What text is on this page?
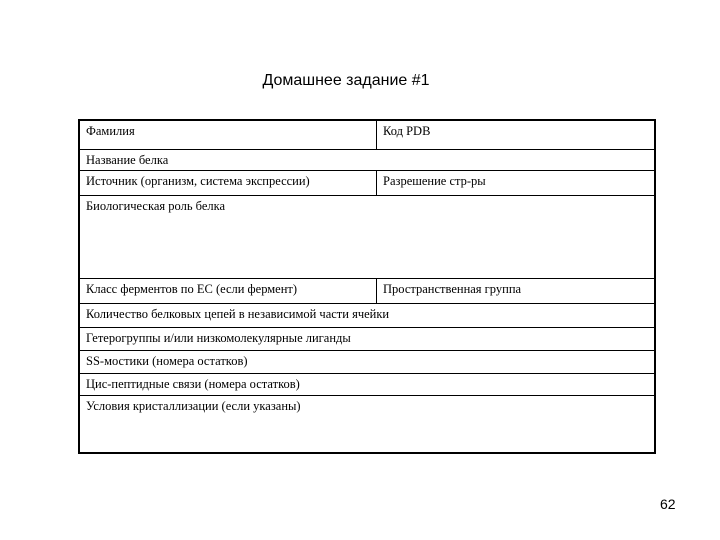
Домашнее задание #1
Фамилия	Код PDB
Название белка
Источник (организм, система экспрессии)	Разрешение стр-ры
Биологическая роль белка
Класс ферментов по ЕС (если фермент)	Пространственная группа
Количество белковых цепей в независимой части ячейки
Гетерогруппы и/или низкомолекулярные лиганды
SS-мостики (номера остатков)
Цис-пептидные связи (номера остатков)
Условия кристаллизации (если указаны)
62
